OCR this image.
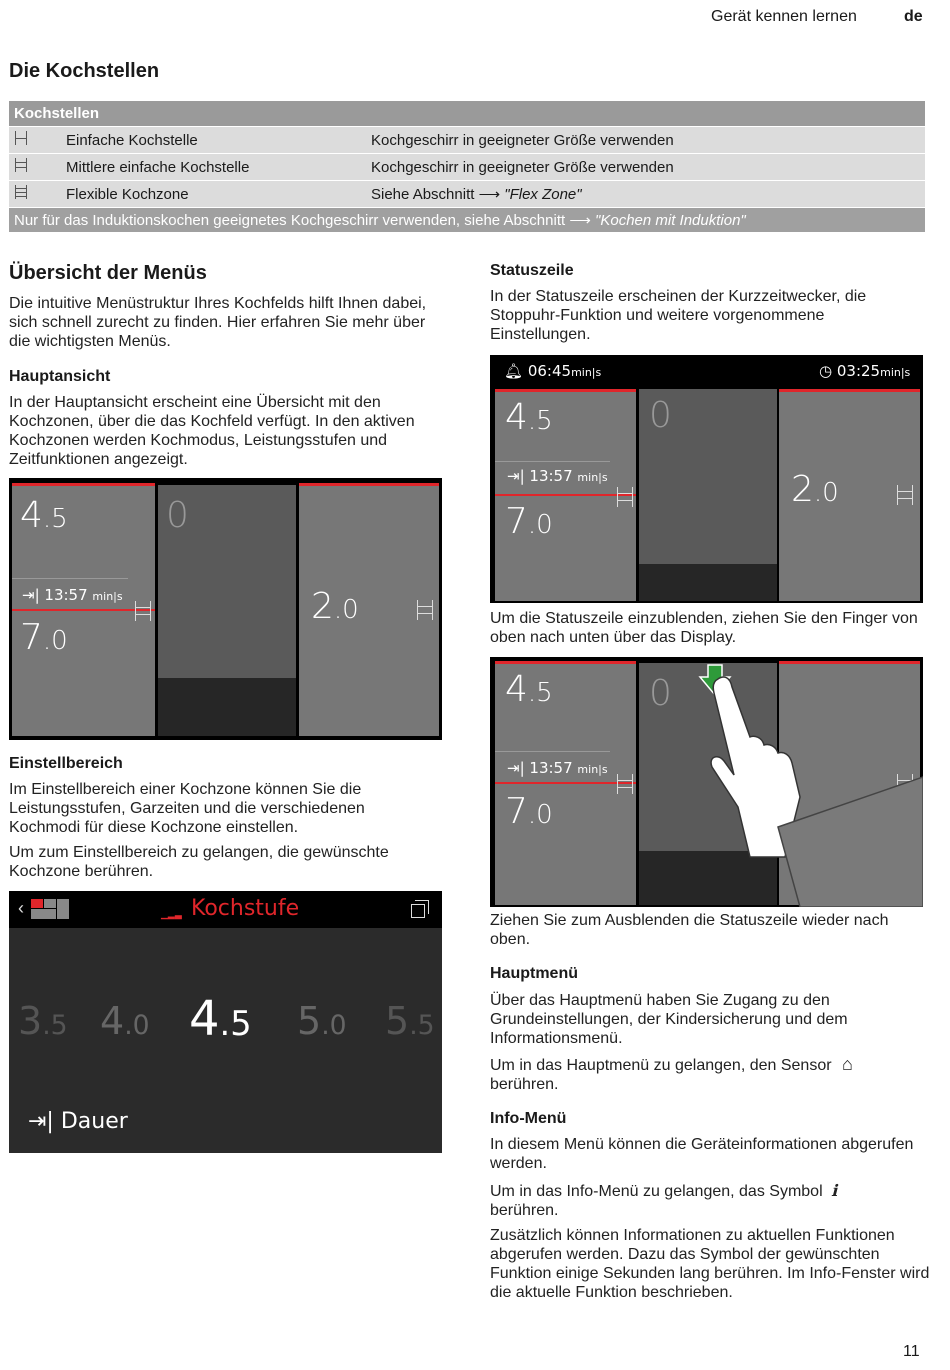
Gerät kennen lernen	de
Die Kochstellen
Kochstellen
Einfache Kochstelle	Kochgeschirr in geeigneter Größe verwenden
Mittlere einfache Kochstelle	Kochgeschirr in geeigneter Größe verwenden
Flexible Kochzone	Siehe Abschnitt ⟶ "Flex Zone"
Nur für das Induktionskochen geeignetes Kochgeschirr verwenden, siehe Abschnitt ⟶ "Kochen mit Induktion"
Übersicht der Menüs
Die intuitive Menüstruktur Ihres Kochfelds hilft Ihnen dabei, sich schnell zurecht zu finden. Hier erfahren Sie mehr über die wichtigsten Menüs.
Hauptansicht
In der Hauptansicht erscheint eine Übersicht mit den Kochzonen, über die das Kochfeld verfügt. In den aktiven Kochzonen werden Kochmodus, Leistungsstufen und Zeitfunktionen angezeigt.
4.5
⇥| 13:57 min|s
7.0
0
2.0
Einstellbereich
Im Einstellbereich einer Kochzone können Sie die Leistungsstufen, Garzeiten und die verschiedenen Kochmodi für diese Kochzone einstellen.
Um zum Einstellbereich zu gelangen, die gewünschte Kochzone berühren.
‹	▁▂▃ Kochstufe
3.5 4.0 4.5 5.0 5.5
⇥| Dauer
Statuszeile
In der Statuszeile erscheinen der Kurzzeitwecker, die Stoppuhr-Funktion und weitere vorgenommene Einstellungen.
🔔︎ 06:45min|s	◷ 03:25min|s
4.5
⇥| 13:57 min|s
7.0
0
2.0
Um die Statuszeile einzublenden, ziehen Sie den Finger von oben nach unten über das Display.
4.5
⇥| 13:57 min|s
7.0
0
Ziehen Sie zum Ausblenden die Statuszeile wieder nach oben.
Hauptmenü
Über das Hauptmenü haben Sie Zugang zu den Grundeinstellungen, der Kindersicherung und dem Informationsmenü.
Um in das Hauptmenü zu gelangen, den Sensor ⌂
berühren.
Info-Menü
In diesem Menü können die Geräteinformationen abgerufen werden.
Um in das Info-Menü zu gelangen, das Symbol ℹ
berühren.
Zusätzlich können Informationen zu aktuellen Funktionen abgerufen werden. Dazu das Symbol der gewünschten Funktion einige Sekunden lang berühren. Im Info-Fenster wird die aktuelle Funktion beschrieben.
11
